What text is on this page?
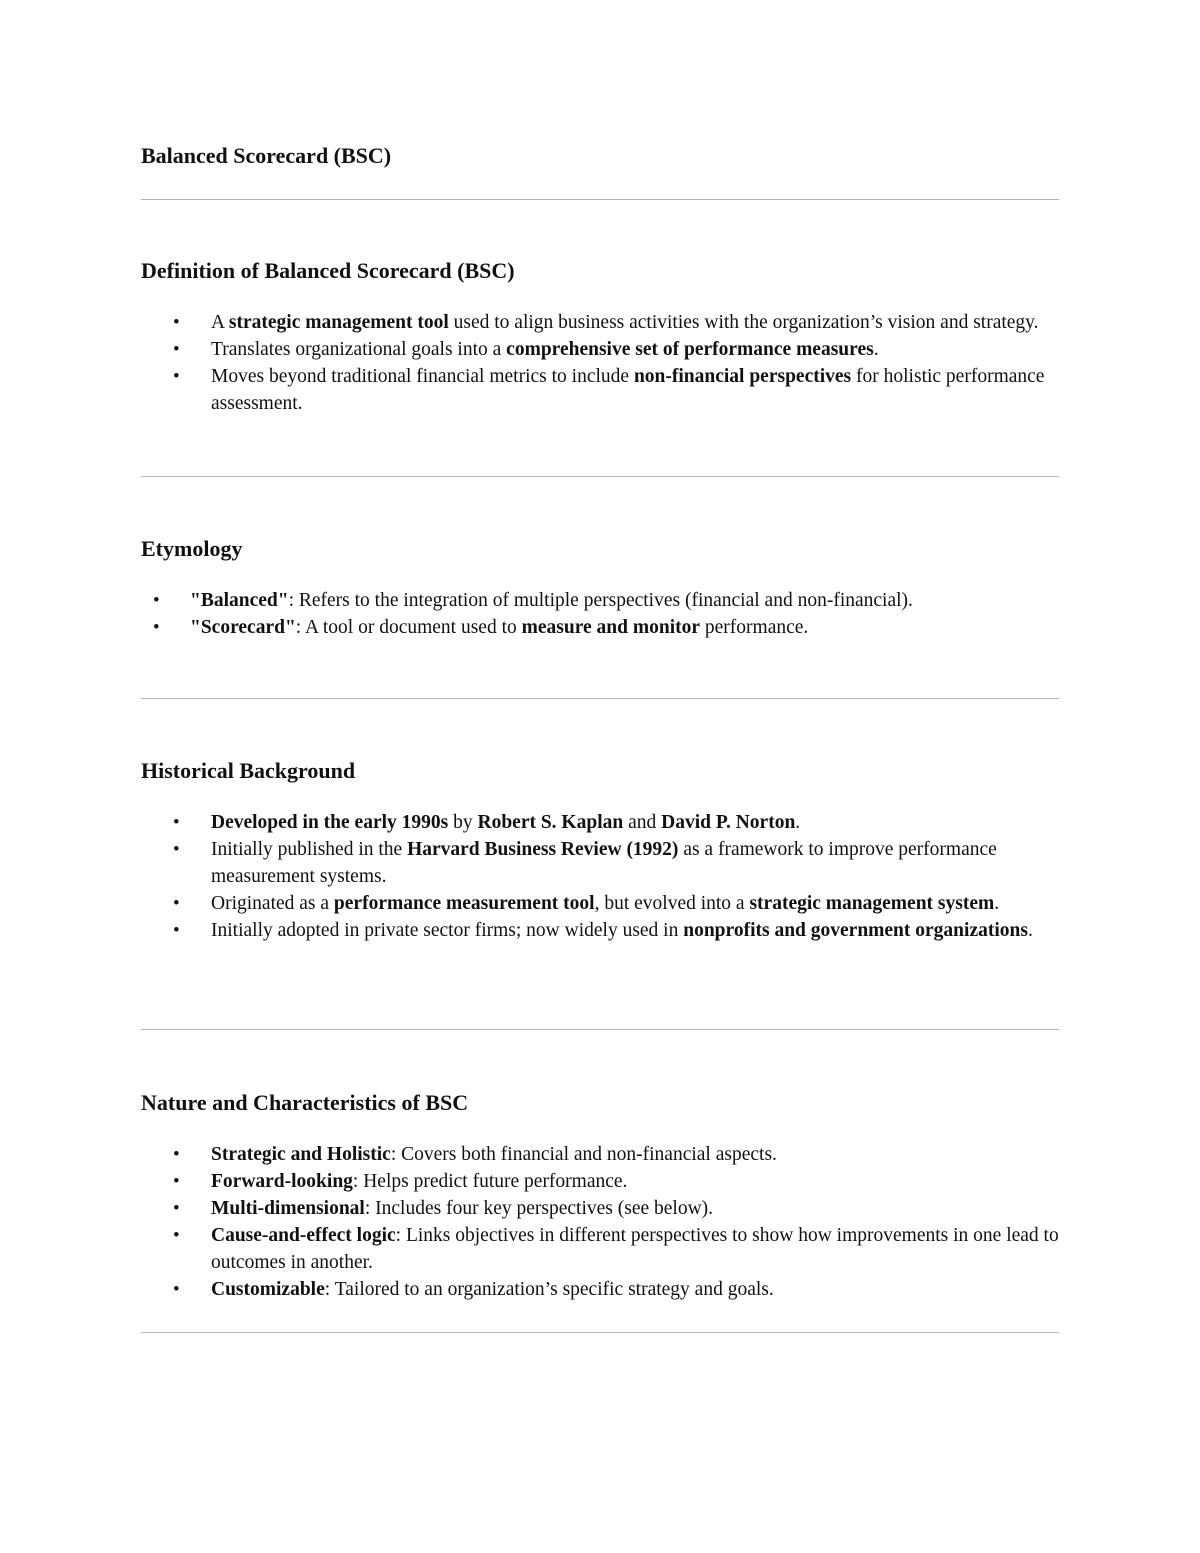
Balanced Scorecard (BSC)
Definition of Balanced Scorecard (BSC)
• A strategic management tool used to align business activities with the organization’s vision and strategy.
• Translates organizational goals into a comprehensive set of performance measures.
• Moves beyond traditional financial metrics to include non-financial perspectives for holistic performance assessment.
Etymology
• "Balanced": Refers to the integration of multiple perspectives (financial and non-financial).
• "Scorecard": A tool or document used to measure and monitor performance.
Historical Background
• Developed in the early 1990s by Robert S. Kaplan and David P. Norton.
• Initially published in the Harvard Business Review (1992) as a framework to improve performance measurement systems.
• Originated as a performance measurement tool, but evolved into a strategic management system.
• Initially adopted in private sector firms; now widely used in nonprofits and government organizations.
Nature and Characteristics of BSC
• Strategic and Holistic: Covers both financial and non-financial aspects.
• Forward-looking: Helps predict future performance.
• Multi-dimensional: Includes four key perspectives (see below).
• Cause-and-effect logic: Links objectives in different perspectives to show how improvements in one lead to outcomes in another.
• Customizable: Tailored to an organization’s specific strategy and goals.
